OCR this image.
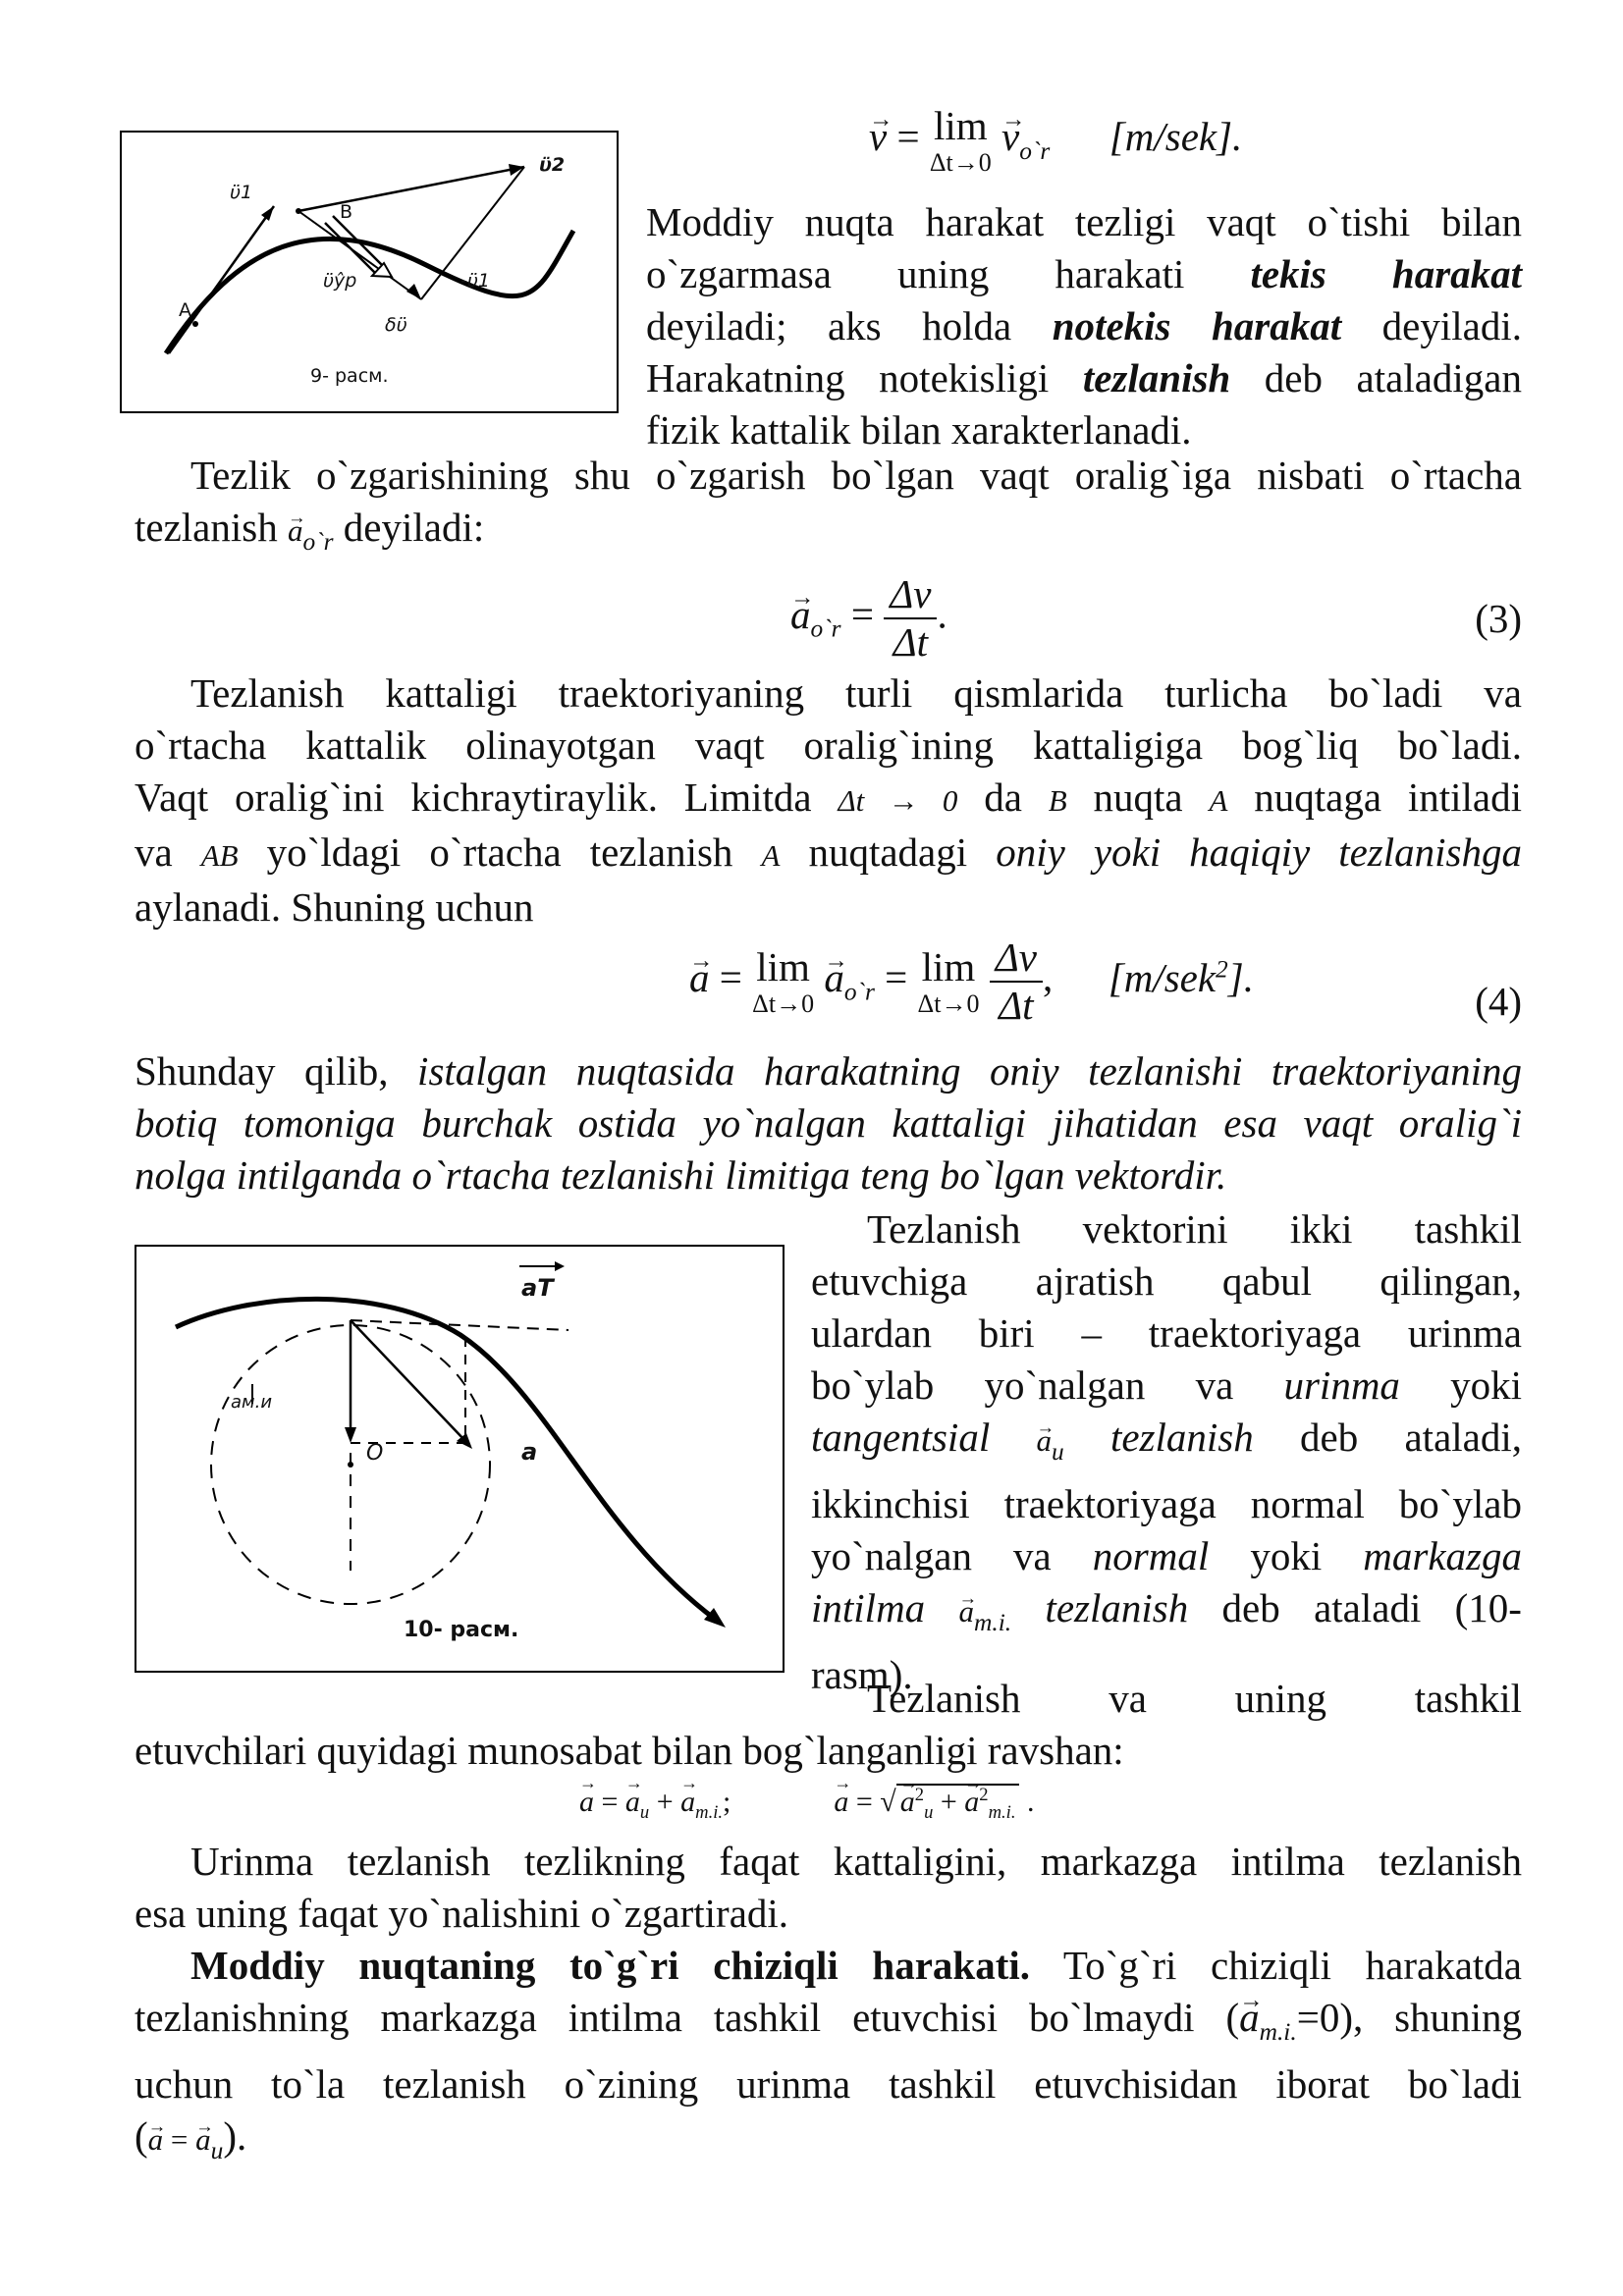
→ v = lim
Δt→0
→ $v_{o`r}$ [m/sek].
ϋ1
ϋ2
B
A
ϋŷp	-ϋ1
δϋ
9- расм.
Moddiy nuqta harakat tezligi vaqt o`tishi bilan
o`zgarmasa uning harakati tekis harakat
deyiladi; aks holda notekis harakat deyiladi.
Harakatning notekisligi tezlanish deb ataladigan
fizik kattalik bilan xarakterlanadi.
Tezlik o`zgarishining shu o`zgarish bo`lgan vaqt oralig`iga nisbati o`rtacha
tezlanish → $a_{o`r}$ deyiladi:
→ $a_{o`r} = \frac{\Delta v}{\Delta t}$ .	(3)
Tezlanish kattaligi traektoriyaning turli qismlarida turlicha bo`ladi va
o`rtacha kattalik olinayotgan vaqt oralig`ining kattaligiga bog`liq bo`ladi.
Vaqt oralig`ini kichraytiraylik. Limitda Δt → 0 da B nuqta A nuqtaga intiladi
va AB yo`ldagi o`rtacha tezlanish A nuqtadagi oniy yoki haqiqiy tezlanishga
aylanadi. Shuning uchun
→ a = lim
Δt→0
→ $a_{o`r} = \lim$
Δt→0
$\frac{\Delta v}{\Delta t}$ , [m/sek$^2$].
(4)
Shunday qilib, istalgan nuqtasida harakatning oniy tezlanishi traektoriyaning
botiq tomoniga burchak ostida yo`nalgan kattaligi jihatidan esa vaqt oralig`i
nolga intilganda o`rtacha tezlanishi limitiga teng bo`lgan vektordir.
aT
aм.и
O	a
10- расм.
Tezlanish vektorini ikki tashkil
etuvchiga ajratish qabul qilingan,
ulardan biri – traektoriyaga urinma
bo`ylab yo`nalgan va urinma yoki
tangentsial → $a_u$ tezlanish deb ataladi,
ikkinchisi traektoriyaga normal bo`ylab
yo`nalgan va normal yoki markazga
intilma → $a_{m.i.}$ tezlanish deb ataladi (10-
rasm).
Tezlanish va uning tashkil
etuvchilari quyidagi munosabat bilan bog`langanligi ravshan:
→ a = → $a_u$ + → $a_{m.i.}$;	→ a = √ → $a^2_u$ + → $a^2_{m.i.}$ .
Urinma tezlanish tezlikning faqat kattaligini, markazga intilma tezlanish
esa uning faqat yo`nalishini o`zgartiradi.
Moddiy nuqtaning to`g`ri chiziqli harakati. To`g`ri chiziqli harakatda
tezlanishning markazga intilma tashkil etuvchisi bo`lmaydi (→ $a_{m.i.}=0$), shuning
uchun to`la tezlanish o`zining urinma tashkil etuvchisidan iborat bo`ladi
(→ a = → $a_u$).
